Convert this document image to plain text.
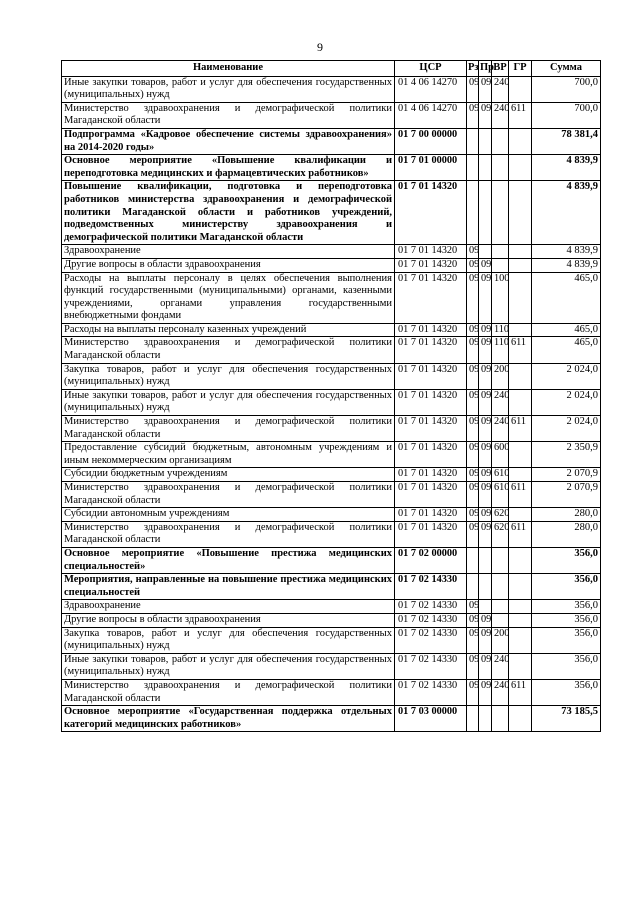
9
Наименование	ЦСР	Рз	Пр	ВР	ГР	Сумма
Иные закупки товаров, работ и услуг для обеспечения государственных (муниципальных) нужд	01 4 06 14270	09	09	240		700,0
Министерство здравоохранения и демографической политики Магаданской области	01 4 06 14270	09	09	240	611	700,0
Подпрограмма «Кадровое обеспечение системы здравоохранения» на 2014-2020 годы»	01 7 00 00000					78 381,4
Основное мероприятие «Повышение квалификации и переподготовка медицинских и фармацевтических работников»	01 7 01 00000					4 839,9
Повышение квалификации, подготовка и переподготовка работников министерства здравоохранения и демографической политики Магаданской области и работников учреждений, подведомственных министерству здравоохранения и демографической политики Магаданской области	01 7 01 14320					4 839,9
Здравоохранение	01 7 01 14320	09				4 839,9
Другие вопросы в области здравоохранения	01 7 01 14320	09	09			4 839,9
Расходы на выплаты персоналу в целях обеспечения выполнения функций государственными (муниципальными) органами, казенными учреждениями, органами управления государственными внебюджетными фондами	01 7 01 14320	09	09	100		465,0
Расходы на выплаты персоналу казенных учреждений	01 7 01 14320	09	09	110		465,0
Министерство здравоохранения и демографической политики Магаданской области	01 7 01 14320	09	09	110	611	465,0
Закупка товаров, работ и услуг для обеспечения государственных (муниципальных) нужд	01 7 01 14320	09	09	200		2 024,0
Иные закупки товаров, работ и услуг для обеспечения государственных (муниципальных) нужд	01 7 01 14320	09	09	240		2 024,0
Министерство здравоохранения и демографической политики Магаданской области	01 7 01 14320	09	09	240	611	2 024,0
Предоставление субсидий бюджетным, автономным учреждениям и иным некоммерческим организациям	01 7 01 14320	09	09	600		2 350,9
Субсидии бюджетным учреждениям	01 7 01 14320	09	09	610		2 070,9
Министерство здравоохранения и демографической политики Магаданской области	01 7 01 14320	09	09	610	611	2 070,9
Субсидии автономным учреждениям	01 7 01 14320	09	09	620		280,0
Министерство здравоохранения и демографической политики Магаданской области	01 7 01 14320	09	09	620	611	280,0
Основное мероприятие «Повышение престижа медицинских специальностей»	01 7 02 00000					356,0
Мероприятия, направленные на повышение престижа медицинских специальностей	01 7 02 14330					356,0
Здравоохранение	01 7 02 14330	09				356,0
Другие вопросы в области здравоохранения	01 7 02 14330	09	09			356,0
Закупка товаров, работ и услуг для обеспечения государственных (муниципальных) нужд	01 7 02 14330	09	09	200		356,0
Иные закупки товаров, работ и услуг для обеспечения государственных (муниципальных) нужд	01 7 02 14330	09	09	240		356,0
Министерство здравоохранения и демографической политики Магаданской области	01 7 02 14330	09	09	240	611	356,0
Основное мероприятие «Государственная поддержка отдельных категорий медицинских работников»	01 7 03 00000					73 185,5
